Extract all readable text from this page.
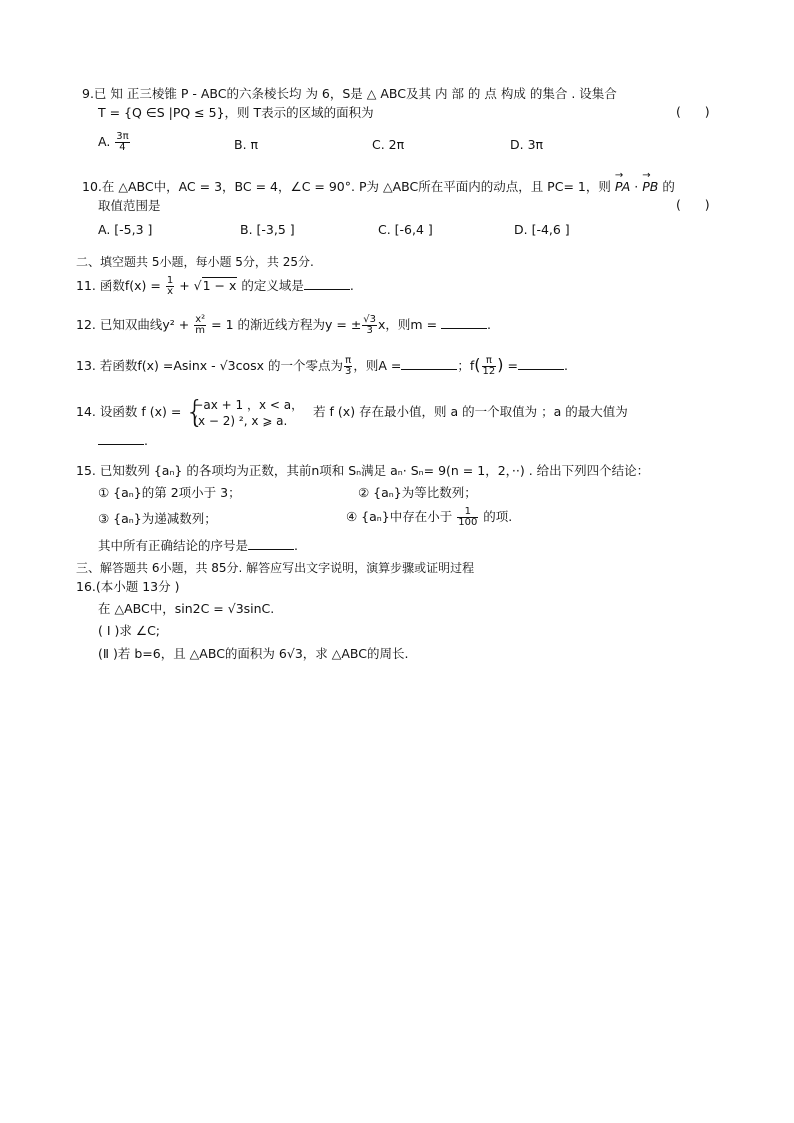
9.已 知 正三棱锥 P - ABC的六条棱长均 为 6，S是 △ ABC及其 内 部 的 点 构成 的集合 . 设集合
T = {Q ∈S |PQ ≤ 5}，则 T表示的区域的面积为	(      )
A. $\frac{3\pi}{4}$	B. π	C. 2π	D. 3π
10.在 △ABC中，AC = 3，BC = 4，∠C = 90°. P为 △ABC所在平面内的动点，且 PC= 1，则 → PA · → PB 的
取值范围是	(      )
A. [-5,3 ]	B. [-3,5 ]	C. [-6,4 ]	D. [-4,6 ]
二、填空题共 5小题，每小题 5分，共 25分.
11. 函数$f(x) = \frac{1}{x} + √1 - x$ 的定义域是	.
12. 已知双曲线$y^2 + \frac{\text{x²}}{m} = 1$ 的渐近线方程为y = ± $\frac{√3}{3}$ x，则m =	.
13. 若函数f(x) =Asinx - √3cosx 的一个零点为 $\frac{\pi}{3}$ ，则A =	；$f( \frac{\pi}{12}$ ) =	.
14. 设函数 f (x) = {
−ax + 1 ，x < a，
(x − 2) ², x ⩾ a.
若 f (x) 存在最小值，则 a 的一个取值为 ；a 的最大值为
.
15. 已知数列 {aₙ} 的各项均为正数，其前n项和 Sₙ满足 aₙ· Sₙ= 9(n = 1，2，··) . 给出下列四个结论：
① {aₙ}的第 2项小于 3；	② {aₙ}为等比数列；
③ {aₙ}为递减数列；	④ {aₙ}中存在小于 $\frac{1}{100}$ 的项.
其中所有正确结论的序号是	.
三、解答题共 6小题，共 85分. 解答应写出文字说明，演算步骤或证明过程
16.(本小题 13分 )
在 △ABC中，sin2C = √3sinC.
( Ⅰ )求 ∠C;
(Ⅱ )若 b=6，且 △ABC的面积为 6√3，求 △ABC的周长.
